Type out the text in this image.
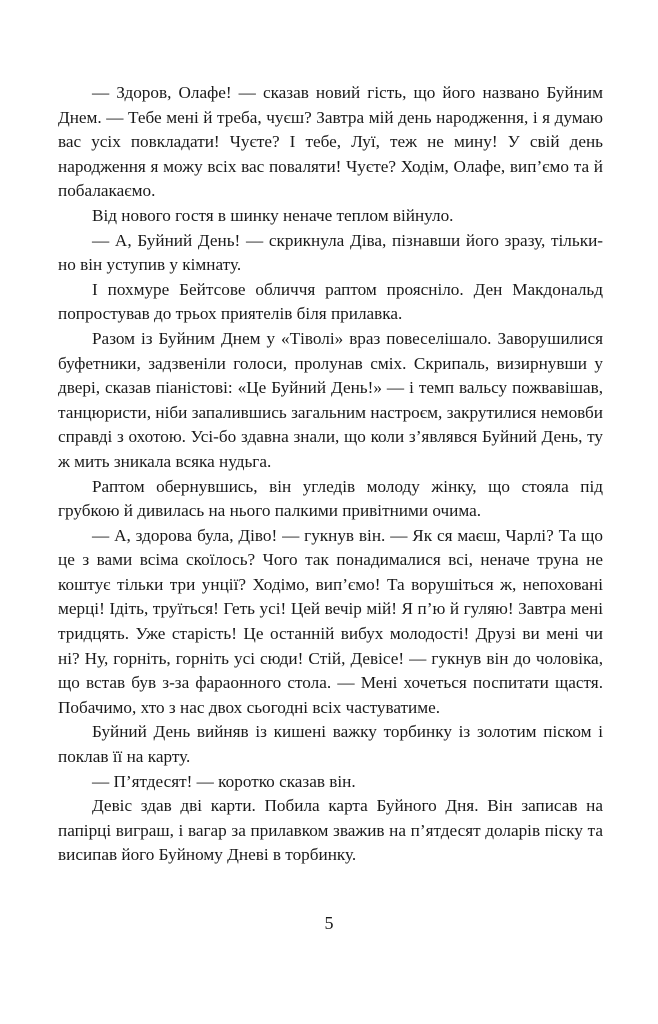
— Здоров, Олафе! — сказав новий гість, що його названо Буйним Днем. — Тебе мені й треба, чуєш? Завтра мій день народження, і я думаю вас усіх повкладати! Чуєте? І тебе, Луї, теж не мину! У свій день народження я можу всіх вас поваляти! Чуєте? Ходім, Олафе, вип’ємо та й побалакаємо.

Від нового гостя в шинку неначе теплом війнуло.

— А, Буйний День! — скрикнула Діва, пізнавши його зразу, тільки-но він уступив у кімнату.

І похмуре Бейтсове обличчя раптом проясніло. Ден Макдональд попростував до трьох приятелів біля прилавка.

Разом із Буйним Днем у «Тіволі» враз повеселішало. Заворушилися буфетники, задзвеніли голоси, пролунав сміх. Скрипаль, визирнувши у двері, сказав піаністові: «Це Буйний День!» — і темп вальсу пожвавішав, танцюристи, ніби запалившись загальним настроєм, закрутилися немовби справді з охотою. Усі-бо здавна знали, що коли з’являвся Буйний День, ту ж мить зникала всяка нудьга.

Раптом обернувшись, він угледів молоду жінку, що стояла під грубкою й дивилась на нього палкими привітними очима.

— А, здорова була, Діво! — гукнув він. — Як ся маєш, Чарлі? Та що це з вами всіма скоїлось? Чого так понадималися всі, неначе труна не коштує тільки три унції? Ходімо, вип’ємо! Та ворушіться ж, непоховані мерці! Ідіть, труїться! Геть усі! Цей вечір мій! Я п’ю й гуляю! Завтра мені тридцять. Уже старість! Це останній вибух молодості! Друзі ви мені чи ні? Ну, горніть, горніть усі сюди! Стій, Девісе! — гукнув він до чоловіка, що встав був з-за фараонного стола. — Мені хочеться поспитати щастя. Побачимо, хто з нас двох сьогодні всіх частуватиме.

Буйний День вийняв із кишені важку торбинку із золотим піском і поклав її на карту.

— П’ятдесят! — коротко сказав він.

Девіс здав дві карти. Побила карта Буйного Дня. Він записав на папірці виграш, і вагар за прилавком зважив на п’ятдесят доларів піску та висипав його Буйному Дневі в торбинку.

5
